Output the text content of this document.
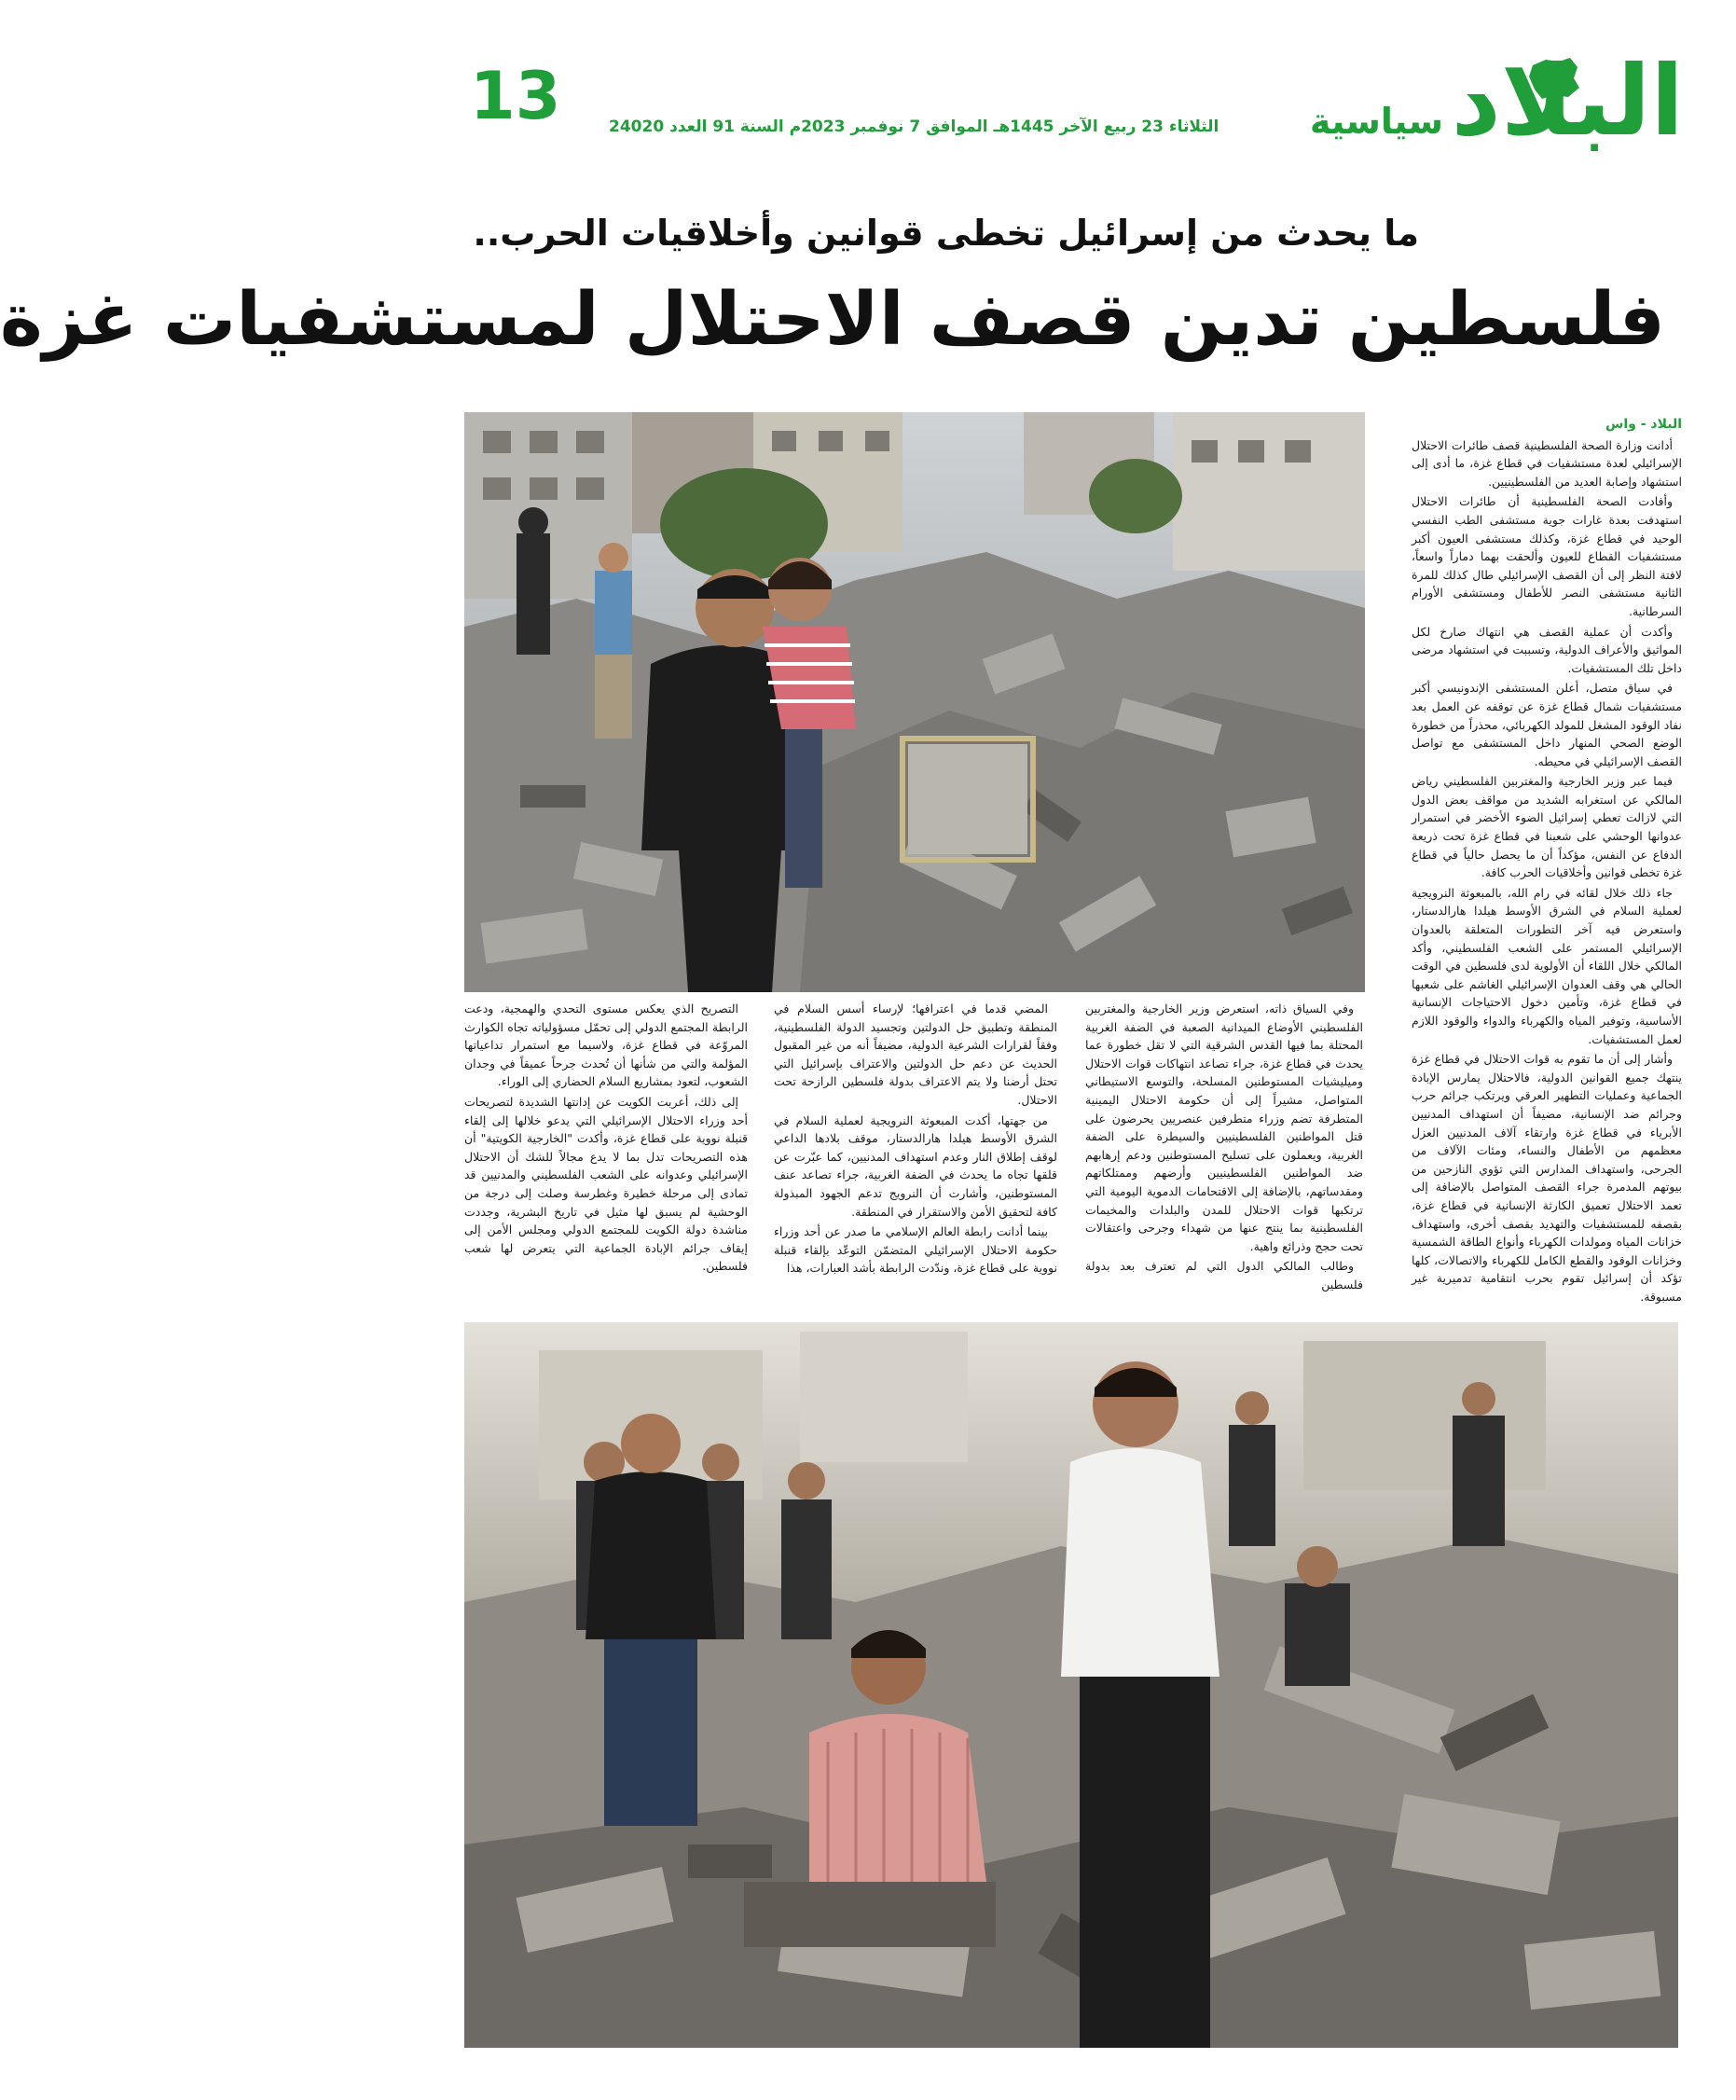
البلاد
سياسية
الثلاثاء 23 ربيع الآخر 1445هـ الموافق 7 نوفمبر 2023م السنة 91 العدد 24020
13
ما يحدث من إسرائيل تخطى قوانين وأخلاقيات الحرب..
فلسطين تدين قصف الاحتلال لمستشفيات غزة

البلاد - واس

أدانت وزارة الصحة الفلسطينية قصف طائرات الاحتلال الإسرائيلي لعدة مستشفيات في قطاع غزة، ما أدى إلى استشهاد وإصابة العديد من الفلسطينيين.

وأفادت الصحة الفلسطينية أن طائرات الاحتلال استهدفت بعدة غارات جوية مستشفى الطب النفسي الوحيد في قطاع غزة، وكذلك مستشفى العيون أكبر مستشفيات القطاع للعيون وألحقت بهما دماراً واسعاً، لافتة النظر إلى أن القصف الإسرائيلي طال كذلك للمرة الثانية مستشفى النصر للأطفال ومستشفى الأورام السرطانية.

وأكدت أن عملية القصف هي انتهاك صارخ لكل المواثيق والأعراف الدولية، وتسببت في استشهاد مرضى داخل تلك المستشفيات.

في سياق متصل، أعلن المستشفى الإندونيسي أكبر مستشفيات شمال قطاع غزة عن توقفه عن العمل بعد نفاد الوقود المشغل للمولد الكهربائي، محذراً من خطورة الوضع الصحي المنهار داخل المستشفى مع تواصل القصف الإسرائيلي في محيطه.

فيما عبر وزير الخارجية والمغتربين الفلسطيني رياض المالكي عن استغرابه الشديد من مواقف بعض الدول التي لازالت تعطي إسرائيل الضوء الأخضر في استمرار عدوانها الوحشي على شعبنا في قطاع غزة تحت ذريعة الدفاع عن النفس، مؤكداً أن ما يحصل حالياً في قطاع غزة تخطى قوانين وأخلاقيات الحرب كافة.

جاء ذلك خلال لقائه في رام الله، بالمبعوثة النرويجية لعملية السلام في الشرق الأوسط هيلدا هارالدستار، واستعرض فيه آخر التطورات المتعلقة بالعدوان الإسرائيلي المستمر على الشعب الفلسطيني، وأكد المالكي خلال اللقاء أن الأولوية لدى فلسطين في الوقت الحالي هي وقف العدوان الإسرائيلي الغاشم على شعبها في قطاع غزة، وتأمين دخول الاحتياجات الإنسانية الأساسية، وتوفير المياه والكهرباء والدواء والوقود اللازم لعمل المستشفيات.

وأشار إلى أن ما تقوم به قوات الاحتلال في قطاع غزة ينتهك جميع القوانين الدولية، فالاحتلال يمارس الإبادة الجماعية وعمليات التطهير العرقي ويرتكب جرائم حرب وجرائم ضد الإنسانية، مضيفاً أن استهداف المدنيين الأبرياء في قطاع غزة وارتقاء آلاف المدنيين العزل معظمهم من الأطفال والنساء، ومئات الآلاف من الجرحى، واستهداف المدارس التي تؤوي النازحين من بيوتهم المدمرة جراء القصف المتواصل بالإضافة إلى تعمد الاحتلال تعميق الكارثة الإنسانية في قطاع غزة، بقصفه للمستشفيات والتهديد بقصف أخرى، واستهداف خزانات المياه ومولدات الكهرباء وأنواع الطاقة الشمسية وخزانات الوقود والقطع الكامل للكهرباء والاتصالات، كلها تؤكد أن إسرائيل تقوم بحرب انتقامية تدميرية غير مسبوقة.

وفي السياق ذاته، استعرض وزير الخارجية والمغتربين الفلسطيني الأوضاع الميدانية الصعبة في الضفة الغربية المحتلة بما فيها القدس الشرقية التي لا تقل خطورة عما يحدث في قطاع غزة، جراء تصاعد انتهاكات قوات الاحتلال وميليشيات المستوطنين المسلحة، والتوسع الاستيطاني المتواصل، مشيراً إلى أن حكومة الاحتلال اليمينية المتطرفة تضم وزراء متطرفين عنصريين يحرضون على قتل المواطنين الفلسطينيين والسيطرة على الضفة الغربية، ويعملون على تسليح المستوطنين ودعم إرهابهم ضد المواطنين الفلسطينيين وأرضهم وممتلكاتهم ومقدساتهم، بالإضافة إلى الاقتحامات الدموية اليومية التي ترتكبها قوات الاحتلال للمدن والبلدات والمخيمات الفلسطينية بما ينتج عنها من شهداء وجرحى واعتقالات تحت حجج وذرائع واهية.

وطالب المالكي الدول التي لم تعترف بعد بدولة فلسطين

المضي قدما في اعترافها؛ لإرساء أسس السلام في المنطقة وتطبيق حل الدولتين وتجسيد الدولة الفلسطينية، وفقاً لقرارات الشرعية الدولية، مضيفاً أنه من غير المقبول الحديث عن دعم حل الدولتين والاعتراف بإسرائيل التي تحتل أرضنا ولا يتم الاعتراف بدولة فلسطين الرازحة تحت الاحتلال.

من جهتها، أكدت المبعوثة النرويجية لعملية السلام في الشرق الأوسط هيلدا هارالدستار، موقف بلادها الداعي لوقف إطلاق النار وعدم استهداف المدنيين، كما عبّرت عن قلقها تجاه ما يحدث في الضفة الغربية، جراء تصاعد عنف المستوطنين، وأشارت أن النرويج تدعم الجهود المبذولة كافة لتحقيق الأمن والاستقرار في المنطقة.

بينما أدانت رابطة العالم الإسلامي ما صدر عن أحد وزراء حكومة الاحتلال الإسرائيلي المتضمّن التوعّد بإلقاء قنبلة نووية على قطاع غزة، وندّدت الرابطة بأشد العبارات، هذا

التصريح الذي يعكس مستوى التحدي والهمجية، ودعت الرابطة المجتمع الدولي إلى تحمّل مسؤولياته تجاه الكوارث المروّعة في قطاع غزة، ولاسيما مع استمرار تداعياتها المؤلمة والتي من شأنها أن تُحدث جرحاً عميقاً في وجدان الشعوب، لتعود بمشاريع السلام الحضاري إلى الوراء.

إلى ذلك، أعربت الكويت عن إدانتها الشديدة لتصريحات أحد وزراء الاحتلال الإسرائيلي التي يدعو خلالها إلى إلقاء قنبلة نووية على قطاع غزة، وأكدت "الخارجية الكويتية" أن هذه التصريحات تدل بما لا يدع مجالاً للشك أن الاحتلال الإسرائيلي وعدوانه على الشعب الفلسطيني والمدنيين قد تمادى إلى مرحلة خطيرة وغطرسة وصلت إلى درجة من الوحشية لم يسبق لها مثيل في تاريخ البشرية، وجددت مناشدة دولة الكويت للمجتمع الدولي ومجلس الأمن إلى إيقاف جرائم الإبادة الجماعية التي يتعرض لها شعب فلسطين.
